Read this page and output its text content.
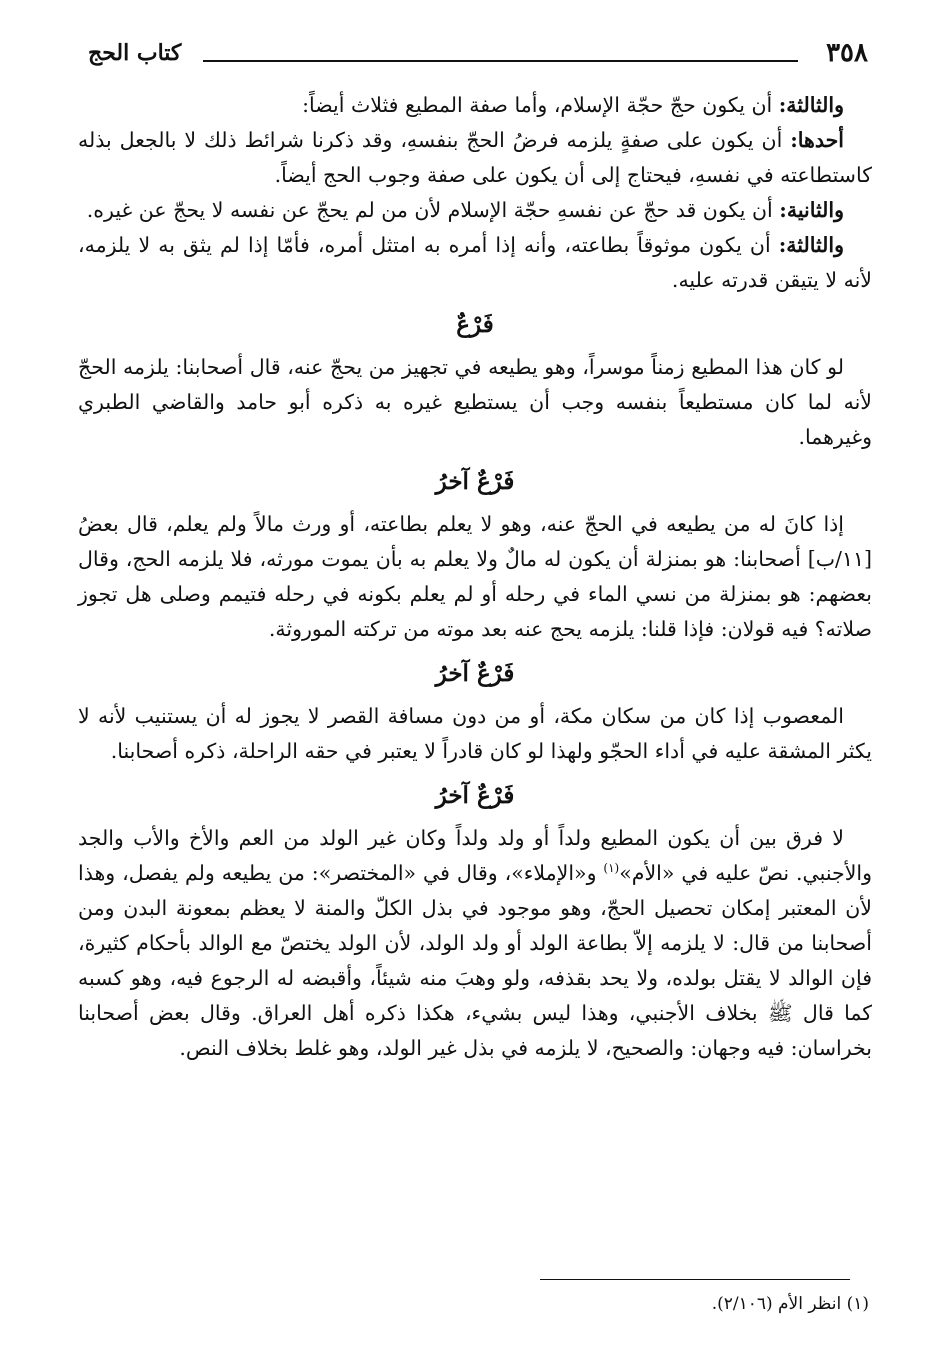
٣٥٨
كتاب الحج

والثالثة: أن يكون حجّ حجّة الإسلام، وأما صفة المطيع فثلاث أيضاً:

أحدها: أن يكون على صفةٍ يلزمه فرضُ الحجّ بنفسهِ، وقد ذكرنا شرائط ذلك لا بالجعل بذله كاستطاعته في نفسهِ، فيحتاج إلى أن يكون على صفة وجوب الحج أيضاً.

والثانية: أن يكون قد حجّ عن نفسهِ حجّة الإسلام لأن من لم يحجّ عن نفسه لا يحجّ عن غيره.

والثالثة: أن يكون موثوقاً بطاعته، وأنه إذا أمره به امتثل أمره، فأمّا إذا لم يثق به لا يلزمه، لأنه لا يتيقن قدرته عليه.

فَرْعٌ

لو كان هذا المطيع زمناً موسراً، وهو يطيعه في تجهيز من يحجّ عنه، قال أصحابنا: يلزمه الحجّ لأنه لما كان مستطيعاً بنفسه وجب أن يستطيع غيره به ذكره أبو حامد والقاضي الطبري وغيرهما.

فَرْعٌ آخرُ

إذا كانَ له من يطيعه في الحجّ عنه، وهو لا يعلم بطاعته، أو ورث مالاً ولم يعلم، قال بعضُ [١١/ب] أصحابنا: هو بمنزلة أن يكون له مالٌ ولا يعلم به بأن يموت مورثه، فلا يلزمه الحج، وقال بعضهم: هو بمنزلة من نسي الماء في رحله أو لم يعلم بكونه في رحله فتيمم وصلى هل تجوز صلاته؟ فيه قولان: فإذا قلنا: يلزمه يحج عنه بعد موته من تركته الموروثة.

فَرْعٌ آخرُ

المعصوب إذا كان من سكان مكة، أو من دون مسافة القصر لا يجوز له أن يستنيب لأنه لا يكثر المشقة عليه في أداء الحجّو ولهذا لو كان قادراً لا يعتبر في حقه الراحلة، ذكره أصحابنا.

فَرْعٌ آخرُ

لا فرق بين أن يكون المطيع ولداً أو ولد ولداً وكان غير الولد من العم والأخ والأب والجد والأجنبي. نصّ عليه في «الأم»$^{(١)}$ و«الإملاء»، وقال في «المختصر»: من يطيعه ولم يفصل، وهذا لأن المعتبر إمكان تحصيل الحجّ، وهو موجود في بذل الكلّ والمنة لا يعظم بمعونة البدن ومن أصحابنا من قال: لا يلزمه إلاّ بطاعة الولد أو ولد الولد، لأن الولد يختصّ مع الوالد بأحكام كثيرة، فإن الوالد لا يقتل بولده، ولا يحد بقذفه، ولو وهبَ منه شيئاً، وأقبضه له الرجوع فيه، وهو كسبه كما قال ﷺ بخلاف الأجنبي، وهذا ليس بشيء، هكذا ذكره أهل العراق. وقال بعض أصحابنا بخراسان: فيه وجهان: والصحيح، لا يلزمه في بذل غير الولد، وهو غلط بخلاف النص.

(١) انظر الأم (٢/١٠٦).
